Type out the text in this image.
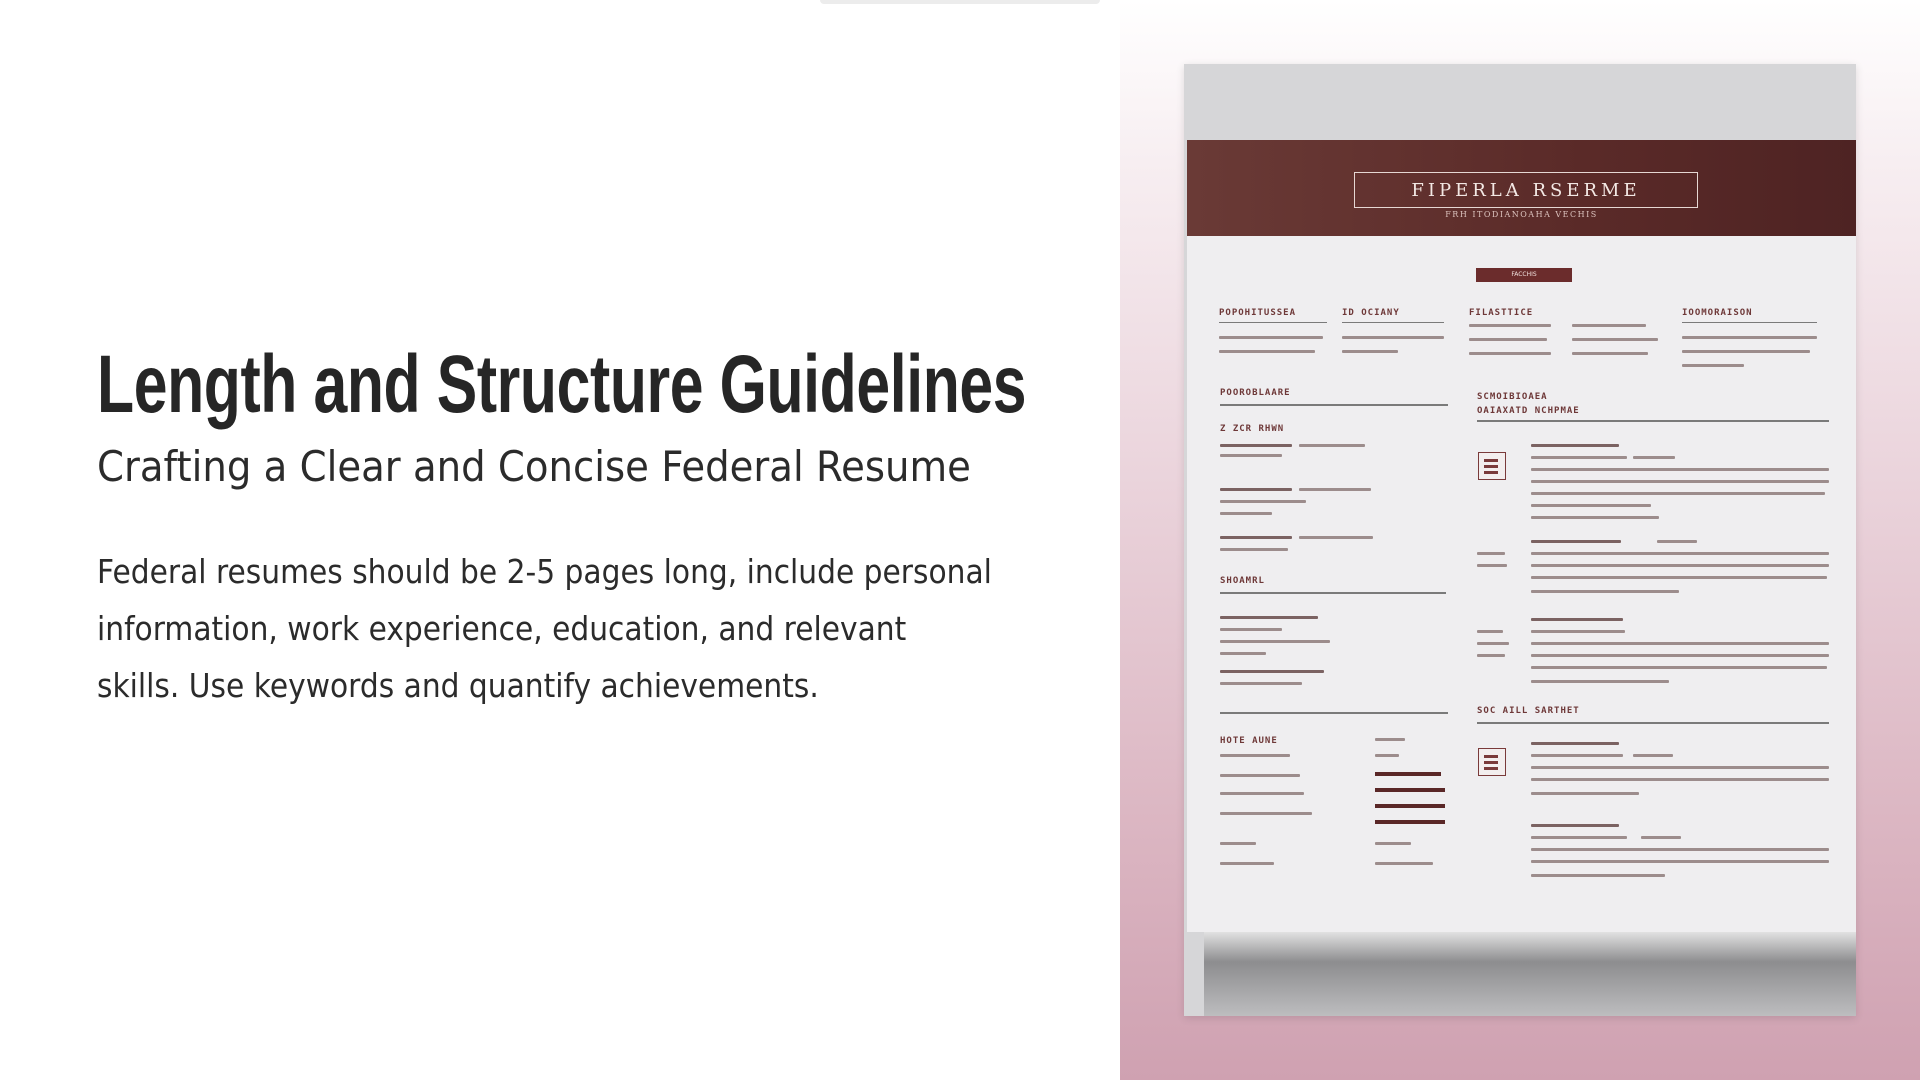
Length and Structure Guidelines
Crafting a Clear and Concise Federal Resume

Federal resumes should be 2-5 pages long, include personal information, work experience, education, and relevant skills. Use keywords and quantify achievements.

FIPERLA RSERME
FRH ITODIANOAHA VECHIS
FACCHIS
POPOHITUSSEA	ID OCIANY	FILASTTICE	IOOMORAISON
POOROBLAARE
Z ZCR RHWN
SHOAMRL
HOTE AUNE
SCMOIBIOAEA
OAIAXATD NCHPMAE
SOC AILL SARTHET
